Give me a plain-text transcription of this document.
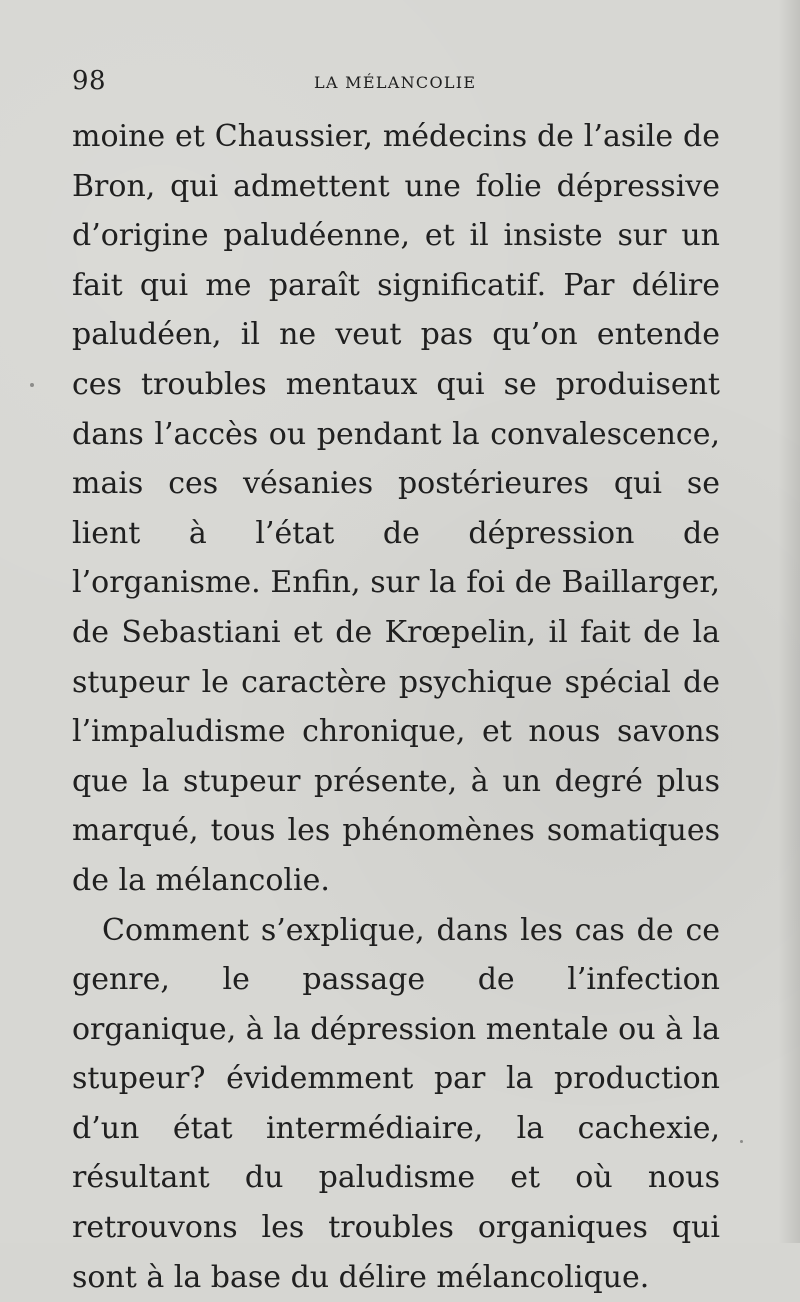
98	LA MÉLANCOLIE

moine et Chaussier, médecins de l’asile de Bron, qui admettent une folie dépressive d’origine paludéenne, et il insiste sur un fait qui me paraît significatif. Par délire paludéen, il ne veut pas qu’on entende ces troubles mentaux qui se produisent dans l’accès ou pendant la convalescence, mais ces vésanies postérieures qui se lient à l’état de dépression de l’organisme. Enfin, sur la foi de Baillarger, de Sebastiani et de Krœpelin, il fait de la stupeur le caractère psychique spécial de l’impaludisme chronique, et nous savons que la stupeur présente, à un degré plus marqué, tous les phénomènes somatiques de la mélancolie.

Comment s’explique, dans les cas de ce genre, le passage de l’infection organique, à la dépression mentale ou à la stupeur? évidemment par la production d’un état intermédiaire, la cachexie, résultant du paludisme et où nous retrouvons les troubles organiques qui sont à la base du délire mélancolique.
